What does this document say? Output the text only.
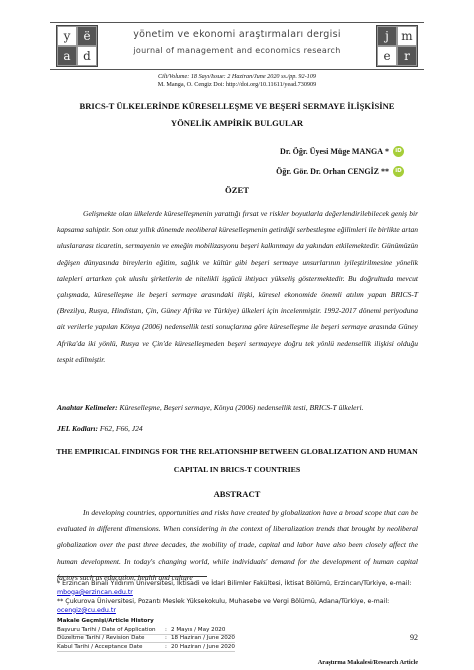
y	ë
a	d
yönetim ve ekonomi araştırmaları dergisi
journal of management and economics research
j	m
e	r
Cilt/Volume: 18 Sayı/Issue: 2 Haziran/June 2020 ss./pp. 92-109
M. Manga, O. Cengiz Doi: http://doi.org/10.11611/yead.730909
BRICS-T ÜLKELERİNDE KÜRESELLEŞME VE BEŞERİ SERMAYE İLİŞKİSİNE YÖNELİK AMPİRİK BULGULAR
Dr. Öğr. Üyesi Müge MANGA *	iD
Öğr. Gör. Dr. Orhan CENGİZ **	iD
ÖZET
Gelişmekte olan ülkelerde küreselleşmenin yarattığı fırsat ve riskler boyutlarla değerlendirilebilecek geniş bir kapsama sahiptir. Son otuz yıllık dönemde neoliberal küreselleşmenin getirdiği serbestleşme eğilimleri ile birlikte artan uluslararası ticaretin, sermayenin ve emeğin mobilizasyonu beşeri kalkınmayı da yakından etkilemektedir. Günümüzün değişen dünyasında bireylerin eğitim, sağlık ve kültür gibi beşeri sermaye unsurlarının iyileştirilmesine yönelik talepleri artarken çok uluslu şirketlerin de nitelikli işgücü ihtiyacı yükseliş göstermektedir. Bu doğrultuda mevcut çalışmada, küreselleşme ile beşeri sermaye arasındaki ilişki, küresel ekonomide önemli atılım yapan BRICS-T (Brezilya, Rusya, Hindistan, Çin, Güney Afrika ve Türkiye) ülkeleri için incelenmiştir. 1992-2017 dönemi periyoduna ait verilerle yapılan Könya (2006) nedensellik testi sonuçlarına göre küreselleşme ile beşeri sermaye arasında Güney Afrika'da iki yönlü, Rusya ve Çin'de küreselleşmeden beşeri sermayeye doğru tek yönlü nedensellik ilişkisi olduğu tespit edilmiştir.
Anahtar Kelimeler: Küreselleşme, Beşeri sermaye, Könya (2006) nedensellik testi, BRICS-T ülkeleri.
JEL Kodları: F62, F66, J24
THE EMPIRICAL FINDINGS FOR THE RELATIONSHIP BETWEEN GLOBALIZATION AND HUMAN CAPITAL IN BRICS-T COUNTRIES
ABSTRACT
In developing countries, opportunities and risks have created by globalization have a broad scope that can be evaluated in different dimensions. When considering in the context of liberalization trends that brought by neoliberal globalization over the past three decades, the mobility of trade, capital and labor have also been closely affect the human development. In today's changing world, while individuals' demand for the development of human capital factors such as education, health and culture
* Erzincan Binali Yıldırım Üniversitesi, İktisadi ve İdari Bilimler Fakültesi, İktisat Bölümü, Erzincan/Türkiye, e-mail: mboga@erzincan.edu.tr
** Çukurova Üniversitesi, Pozantı Meslek Yüksekokulu, Muhasebe ve Vergi Bölümü, Adana/Türkiye, e-mail: ocengiz@cu.edu.tr
Makale Geçmişi/Article History
Başvuru Tarihi / Date of Application	:	2 Mayıs / May 2020
Düzeltme Tarihi / Revision Date	:	18 Haziran / June 2020
Kabul Tarihi / Acceptance Date	:	20 Haziran / June 2020
92
Araştırma Makalesi/Research Article
